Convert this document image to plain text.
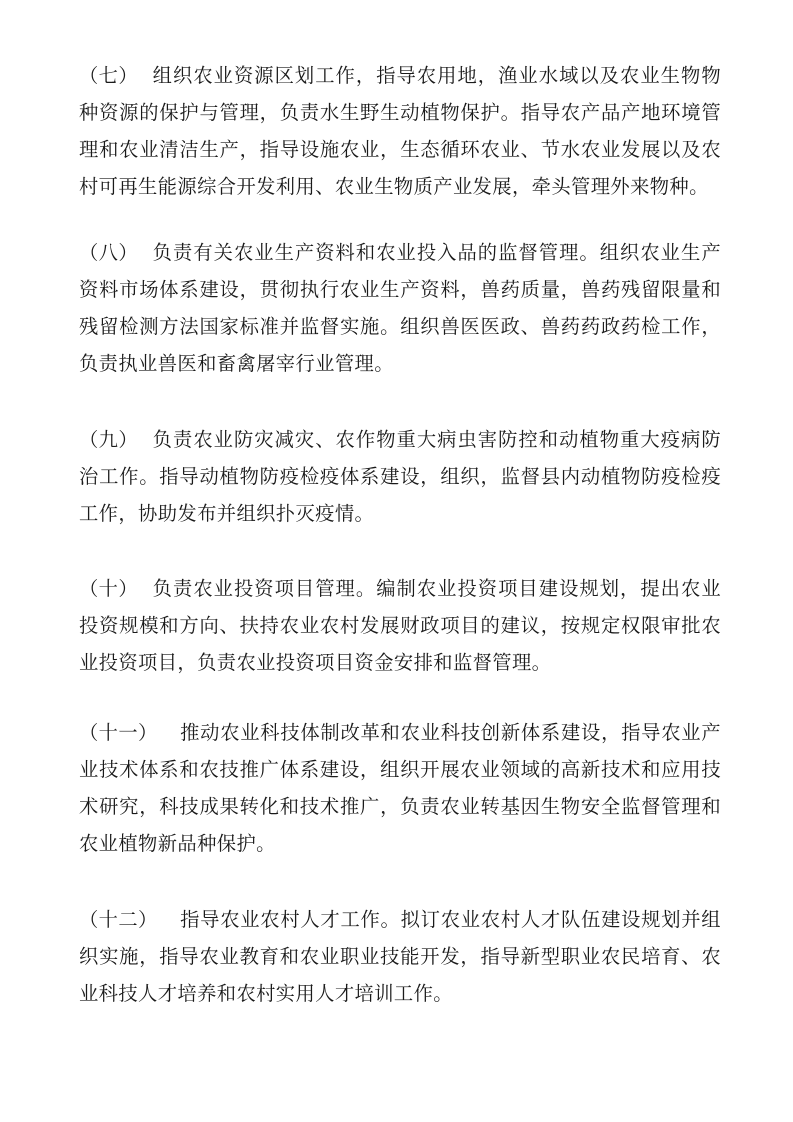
（七） 组织农业资源区划工作，指导农用地，渔业水域以及农业生物物种资源的保护与管理，负责水生野生动植物保护。指导农产品产地环境管理和农业清洁生产，指导设施农业，生态循环农业、节水农业发展以及农村可再生能源综合开发利用、农业生物质产业发展，牵头管理外来物种。

（八） 负责有关农业生产资料和农业投入品的监督管理。组织农业生产资料市场体系建设，贯彻执行农业生产资料，兽药质量，兽药残留限量和残留检测方法国家标准并监督实施。组织兽医医政、兽药药政药检工作，负责执业兽医和畜禽屠宰行业管理。

（九） 负责农业防灾减灾、农作物重大病虫害防控和动植物重大疫病防治工作。指导动植物防疫检疫体系建设，组织，监督县内动植物防疫检疫工作，协助发布并组织扑灭疫情。

（十） 负责农业投资项目管理。编制农业投资项目建设规划，提出农业投资规模和方向、扶持农业农村发展财政项目的建议，按规定权限审批农业投资项目，负责农业投资项目资金安排和监督管理。

（十一） 推动农业科技体制改革和农业科技创新体系建设，指导农业产业技术体系和农技推广体系建设，组织开展农业领域的高新技术和应用技术研究，科技成果转化和技术推广，负责农业转基因生物安全监督管理和农业植物新品种保护。

（十二） 指导农业农村人才工作。拟订农业农村人才队伍建设规划并组织实施，指导农业教育和农业职业技能开发，指导新型职业农民培育、农业科技人才培养和农村实用人才培训工作。
